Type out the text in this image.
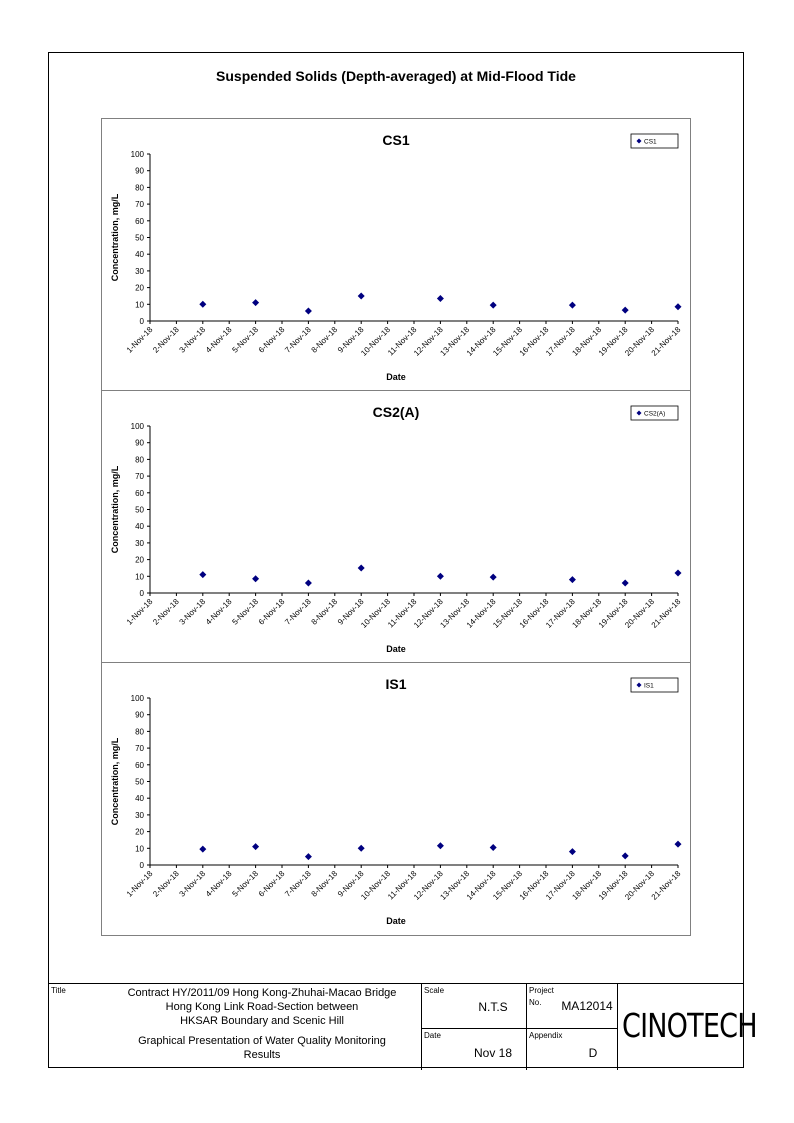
Suspended Solids (Depth-averaged) at Mid-Flood Tide
CS1
0
10
20
30
40
50
60
70
80
90
100
1-Nov-18
2-Nov-18
3-Nov-18
4-Nov-18
5-Nov-18
6-Nov-18
7-Nov-18
8-Nov-18
9-Nov-18
10-Nov-18
11-Nov-18
12-Nov-18
13-Nov-18
14-Nov-18
15-Nov-18
16-Nov-18
17-Nov-18
18-Nov-18
19-Nov-18
20-Nov-18
21-Nov-18
Date
Concentration, mg/L
CS1
CS2(A)
0
10
20
30
40
50
60
70
80
90
100
1-Nov-18
2-Nov-18
3-Nov-18
4-Nov-18
5-Nov-18
6-Nov-18
7-Nov-18
8-Nov-18
9-Nov-18
10-Nov-18
11-Nov-18
12-Nov-18
13-Nov-18
14-Nov-18
15-Nov-18
16-Nov-18
17-Nov-18
18-Nov-18
19-Nov-18
20-Nov-18
21-Nov-18
Date
Concentration, mg/L
CS2(A)
IS1
0
10
20
30
40
50
60
70
80
90
100
1-Nov-18
2-Nov-18
3-Nov-18
4-Nov-18
5-Nov-18
6-Nov-18
7-Nov-18
8-Nov-18
9-Nov-18
10-Nov-18
11-Nov-18
12-Nov-18
13-Nov-18
14-Nov-18
15-Nov-18
16-Nov-18
17-Nov-18
18-Nov-18
19-Nov-18
20-Nov-18
21-Nov-18
Date
Concentration, mg/L
IS1
Title	Contract HY/2011/09 Hong Kong-Zhuhai-Macao Bridge
Hong Kong Link Road-Section between
HKSAR Boundary and Scenic Hill
Graphical Presentation of Water Quality Monitoring
Results
Scale
N.T.S
Project
No.	MA12014
Date
Nov 18
Appendix
D
CINOTECH
